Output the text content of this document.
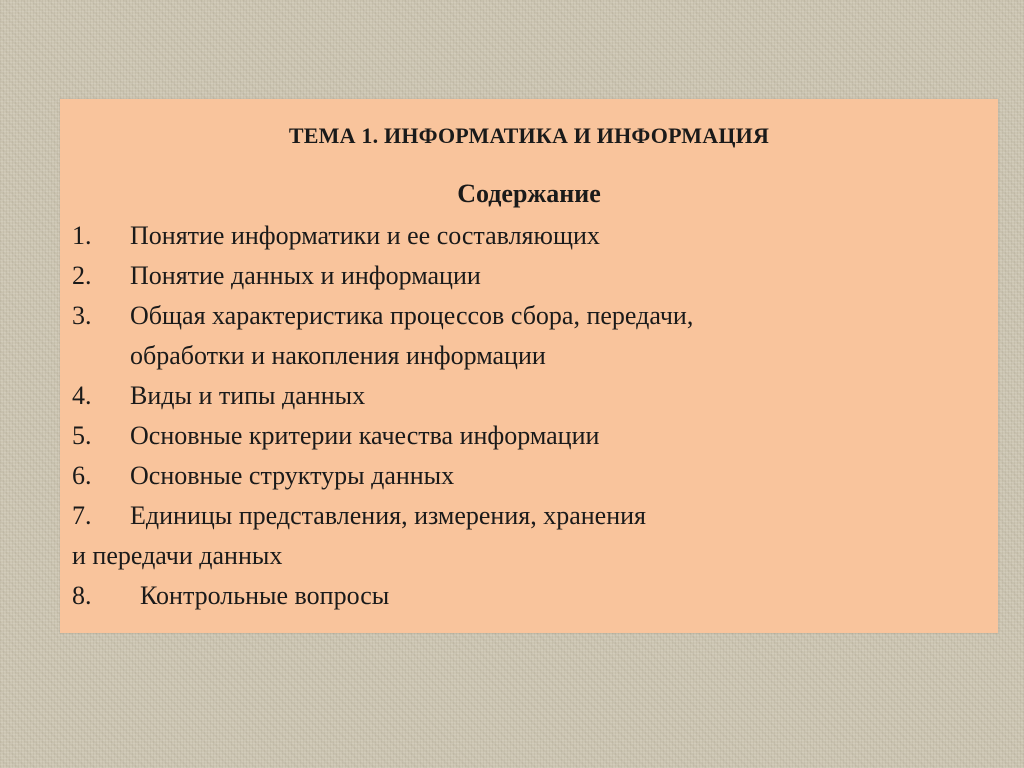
ТЕМА 1. ИНФОРМАТИКА И ИНФОРМАЦИЯ
Содержание
1. Понятие информатики и ее составляющих
2. Понятие данных и информации
3. Общая характеристика процессов сбора, передачи,
обработки и накопления информации
4. Виды и типы данных
5. Основные критерии качества информации
6. Основные структуры данных
7. Единицы представления, измерения, хранения
и передачи данных
8. Контрольные вопросы
